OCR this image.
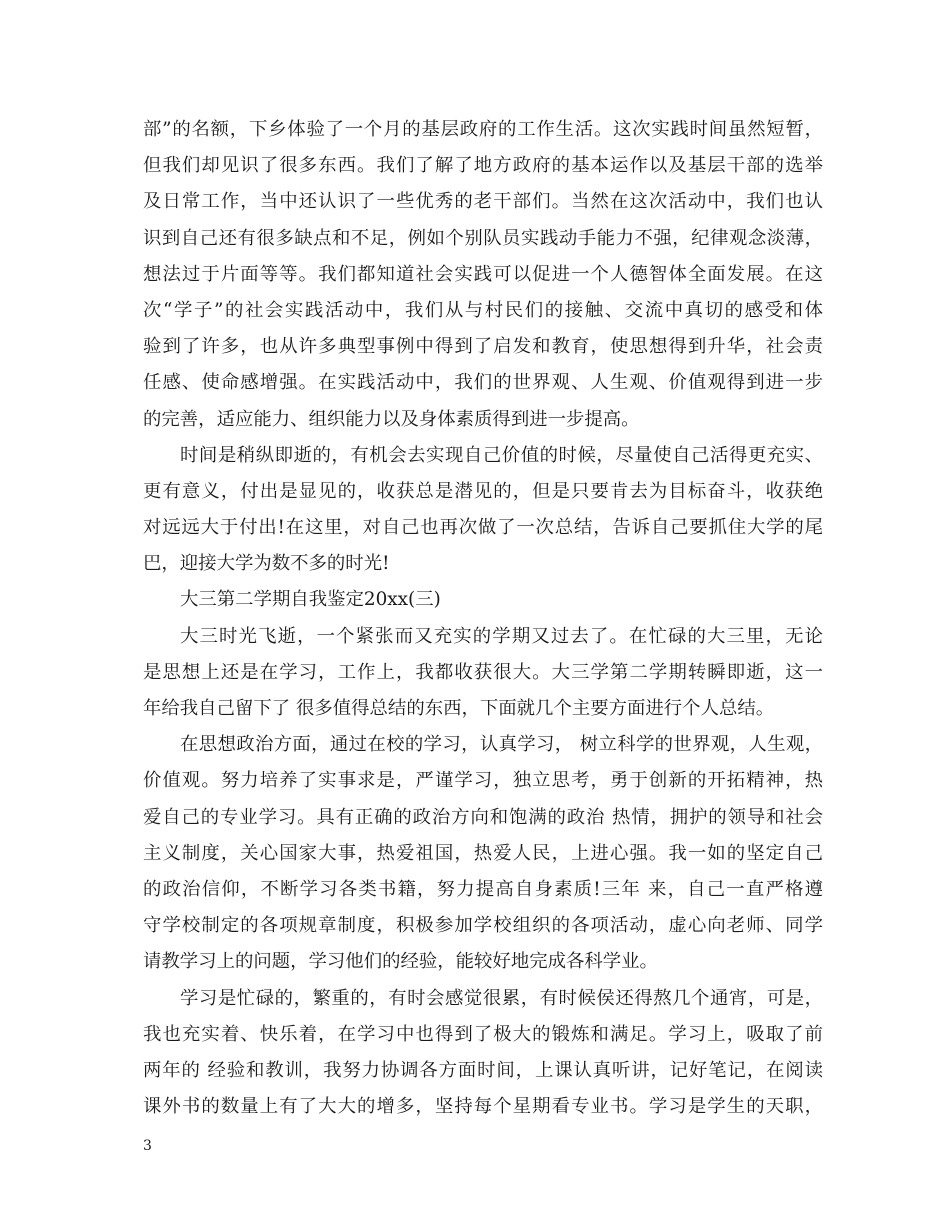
部”的名额，下乡体验了一个月的基层政府的工作生活。这次实践时间虽然短暂，
但我们却见识了很多东西。我们了解了地方政府的基本运作以及基层干部的选举
及日常工作，当中还认识了一些优秀的老干部们。当然在这次活动中，我们也认
识到自己还有很多缺点和不足，例如个别队员实践动手能力不强，纪律观念淡薄，
想法过于片面等等。我们都知道社会实践可以促进一个人德智体全面发展。在这
次“学子”的社会实践活动中，我们从与村民们的接触、交流中真切的感受和体
验到了许多，也从许多典型事例中得到了启发和教育，使思想得到升华，社会责
任感、使命感增强。在实践活动中，我们的世界观、人生观、价值观得到进一步
的完善，适应能力、组织能力以及身体素质得到进一步提高。
时间是稍纵即逝的，有机会去实现自己价值的时候，尽量使自己活得更充实、
更有意义，付出是显见的，收获总是潜见的，但是只要肯去为目标奋斗，收获绝
对远远大于付出!在这里，对自己也再次做了一次总结，告诉自己要抓住大学的尾
巴，迎接大学为数不多的时光!
大三第二学期自我鉴定20xx(三)
大三时光飞逝，一个紧张而又充实的学期又过去了。在忙碌的大三里，无论
是思想上还是在学习，工作上，我都收获很大。大三学第二学期转瞬即逝，这一
年给我自己留下了 很多值得总结的东西，下面就几个主要方面进行个人总结。
在思想政治方面，通过在校的学习，认真学习， 树立科学的世界观，人生观，
价值观。努力培养了实事求是，严谨学习，独立思考，勇于创新的开拓精神，热
爱自己的专业学习。具有正确的政治方向和饱满的政治 热情，拥护的领导和社会
主义制度，关心国家大事，热爱祖国，热爱人民，上进心强。我一如的坚定自己
的政治信仰，不断学习各类书籍，努力提高自身素质!三年 来，自己一直严格遵
守学校制定的各项规章制度，积极参加学校组织的各项活动，虚心向老师、同学
请教学习上的问题，学习他们的经验，能较好地完成各科学业。
学习是忙碌的，繁重的，有时会感觉很累，有时候侯还得熬几个通宵，可是，
我也充实着、快乐着，在学习中也得到了极大的锻炼和满足。学习上，吸取了前
两年的 经验和教训，我努力协调各方面时间，上课认真听讲，记好笔记，在阅读
课外书的数量上有了大大的增多，坚持每个星期看专业书。学习是学生的天职，
3
